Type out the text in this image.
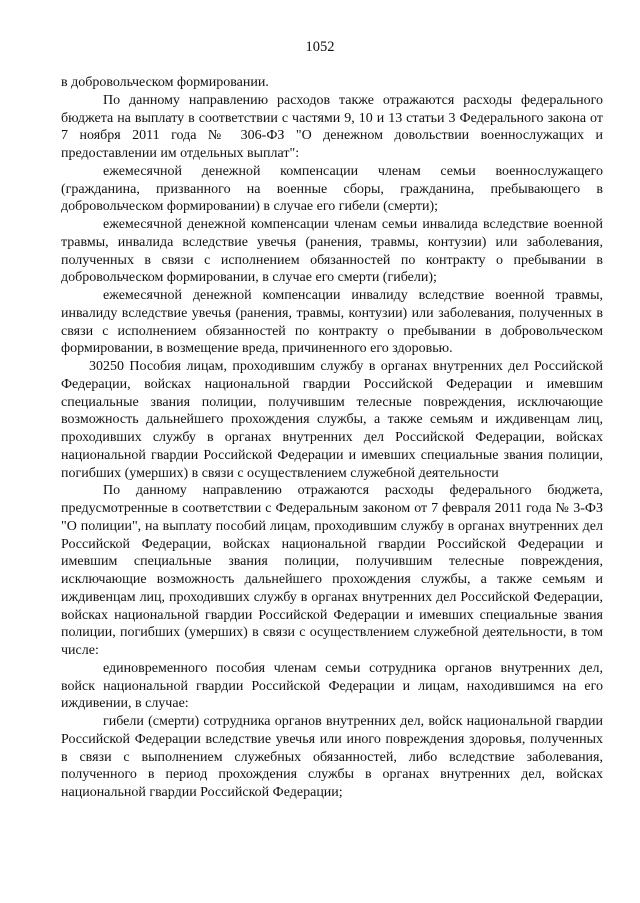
1052

в добровольческом формировании.

По данному направлению расходов также отражаются расходы федерального бюджета на выплату в соответствии с частями 9, 10 и 13 статьи 3 Федерального закона от 7 ноября 2011 года № 306-ФЗ "О денежном довольствии военнослужащих и предоставлении им отдельных выплат":

ежемесячной денежной компенсации членам семьи военнослужащего (гражданина, призванного на военные сборы, гражданина, пребывающего в добровольческом формировании) в случае его гибели (смерти);

ежемесячной денежной компенсации членам семьи инвалида вследствие военной травмы, инвалида вследствие увечья (ранения, травмы, контузии) или заболевания, полученных в связи с исполнением обязанностей по контракту о пребывании в добровольческом формировании, в случае его смерти (гибели);

ежемесячной денежной компенсации инвалиду вследствие военной травмы, инвалиду вследствие увечья (ранения, травмы, контузии) или заболевания, полученных в связи с исполнением обязанностей по контракту о пребывании в добровольческом формировании, в возмещение вреда, причиненного его здоровью.

30250 Пособия лицам, проходившим службу в органах внутренних дел Российской Федерации, войсках национальной гвардии Российской Федерации и имевшим специальные звания полиции, получившим телесные повреждения, исключающие возможность дальнейшего прохождения службы, а также семьям и иждивенцам лиц, проходивших службу в органах внутренних дел Российской Федерации, войсках национальной гвардии Российской Федерации и имевших специальные звания полиции, погибших (умерших) в связи с осуществлением служебной деятельности

По данному направлению отражаются расходы федерального бюджета, предусмотренные в соответствии с Федеральным законом от 7 февраля 2011 года № 3-ФЗ "О полиции", на выплату пособий лицам, проходившим службу в органах внутренних дел Российской Федерации, войсках национальной гвардии Российской Федерации и имевшим специальные звания полиции, получившим телесные повреждения, исключающие возможность дальнейшего прохождения службы, а также семьям и иждивенцам лиц, проходивших службу в органах внутренних дел Российской Федерации, войсках национальной гвардии Российской Федерации и имевших специальные звания полиции, погибших (умерших) в связи с осуществлением служебной деятельности, в том числе:

единовременного пособия членам семьи сотрудника органов внутренних дел, войск национальной гвардии Российской Федерации и лицам, находившимся на его иждивении, в случае:

гибели (смерти) сотрудника органов внутренних дел, войск национальной гвардии Российской Федерации вследствие увечья или иного повреждения здоровья, полученных в связи с выполнением служебных обязанностей, либо вследствие заболевания, полученного в период прохождения службы в органах внутренних дел, войсках национальной гвардии Российской Федерации;
